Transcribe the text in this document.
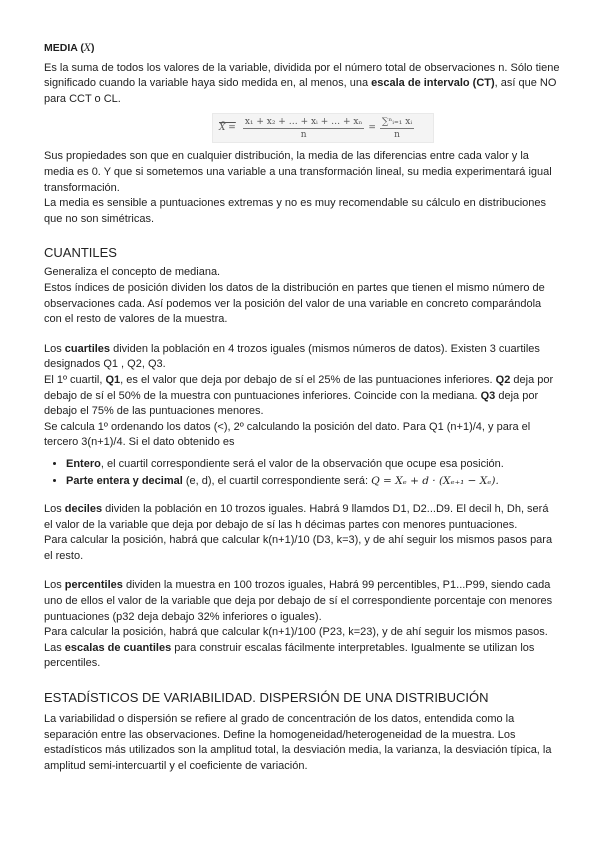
MEDIA (X)

Es la suma de todos los valores de la variable, dividida por el número total de observaciones n. Sólo tiene significado cuando la variable haya sido medida en, al menos, una escala de intervalo (CT), así que NO para CCT o CL.

X̄ = $\frac{\text{x₁ + x₂ + … + xᵢ + … + xₙ}}{n} = \frac{\text{∑ⁿᵢ₌₁ xᵢ}}{n}$

Sus propiedades son que en cualquier distribución, la media de las diferencias entre cada valor y la media es 0. Y que si sometemos una variable a una transformación lineal, su media experimentará igual transformación.

La media es sensible a puntuaciones extremas y no es muy recomendable su cálculo en distribuciones que no son simétricas.

CUANTILES

Generaliza el concepto de mediana.

Estos índices de posición dividen los datos de la distribución en partes que tienen el mismo número de observaciones cada. Así podemos ver la posición del valor de una variable en concreto comparándola con el resto de valores de la muestra.

Los cuartiles dividen la población en 4 trozos iguales (mismos números de datos). Existen 3 cuartiles designados Q1 , Q2, Q3.

El 1º cuartil, Q1, es el valor que deja por debajo de sí el 25% de las puntuaciones inferiores. Q2 deja por debajo de sí el 50% de la muestra con puntuaciones inferiores. Coincide con la mediana. Q3 deja por debajo el 75% de las puntuaciones menores.

Se calcula 1º ordenando los datos (<), 2º calculando la posición del dato. Para Q1 (n+1)/4, y para el tercero 3(n+1)/4. Si el dato obtenido es

• Entero, el cuartil correspondiente será el valor de la observación que ocupe esa posición.
• Parte entera y decimal (e, d), el cuartil correspondiente será: Q = Xₑ + d · (Xₑ₊₁ − Xₑ).

Los deciles dividen la población en 10 trozos iguales. Habrá 9 llamdos D1, D2...D9. El decil h, Dh, será el valor de la variable que deja por debajo de sí las h décimas partes con menores puntuaciones.

Para calcular la posición, habrá que calcular k(n+1)/10 (D3, k=3), y de ahí seguir los mismos pasos para el resto.

Los percentiles dividen la muestra en 100 trozos iguales, Habrá 99 percentibles, P1...P99, siendo cada uno de ellos el valor de la variable que deja por debajo de sí el correspondiente porcentaje con menores puntuaciones (p32 deja debajo 32% inferiores o iguales).

Para calcular la posición, habrá que calcular k(n+1)/100 (P23, k=23), y de ahí seguir los mismos pasos.

Las escalas de cuantiles para construir escalas fácilmente interpretables. Igualmente se utilizan los percentiles.

ESTADÍSTICOS DE VARIABILIDAD. DISPERSIÓN DE UNA DISTRIBUCIÓN

La variabilidad o dispersión se refiere al grado de concentración de los datos, entendida como la separación entre las observaciones. Define la homogeneidad/heterogeneidad de la muestra. Los estadísticos más utilizados son la amplitud total, la desviación media, la varianza, la desviación típica, la amplitud semi-intercuartil y el coeficiente de variación.
